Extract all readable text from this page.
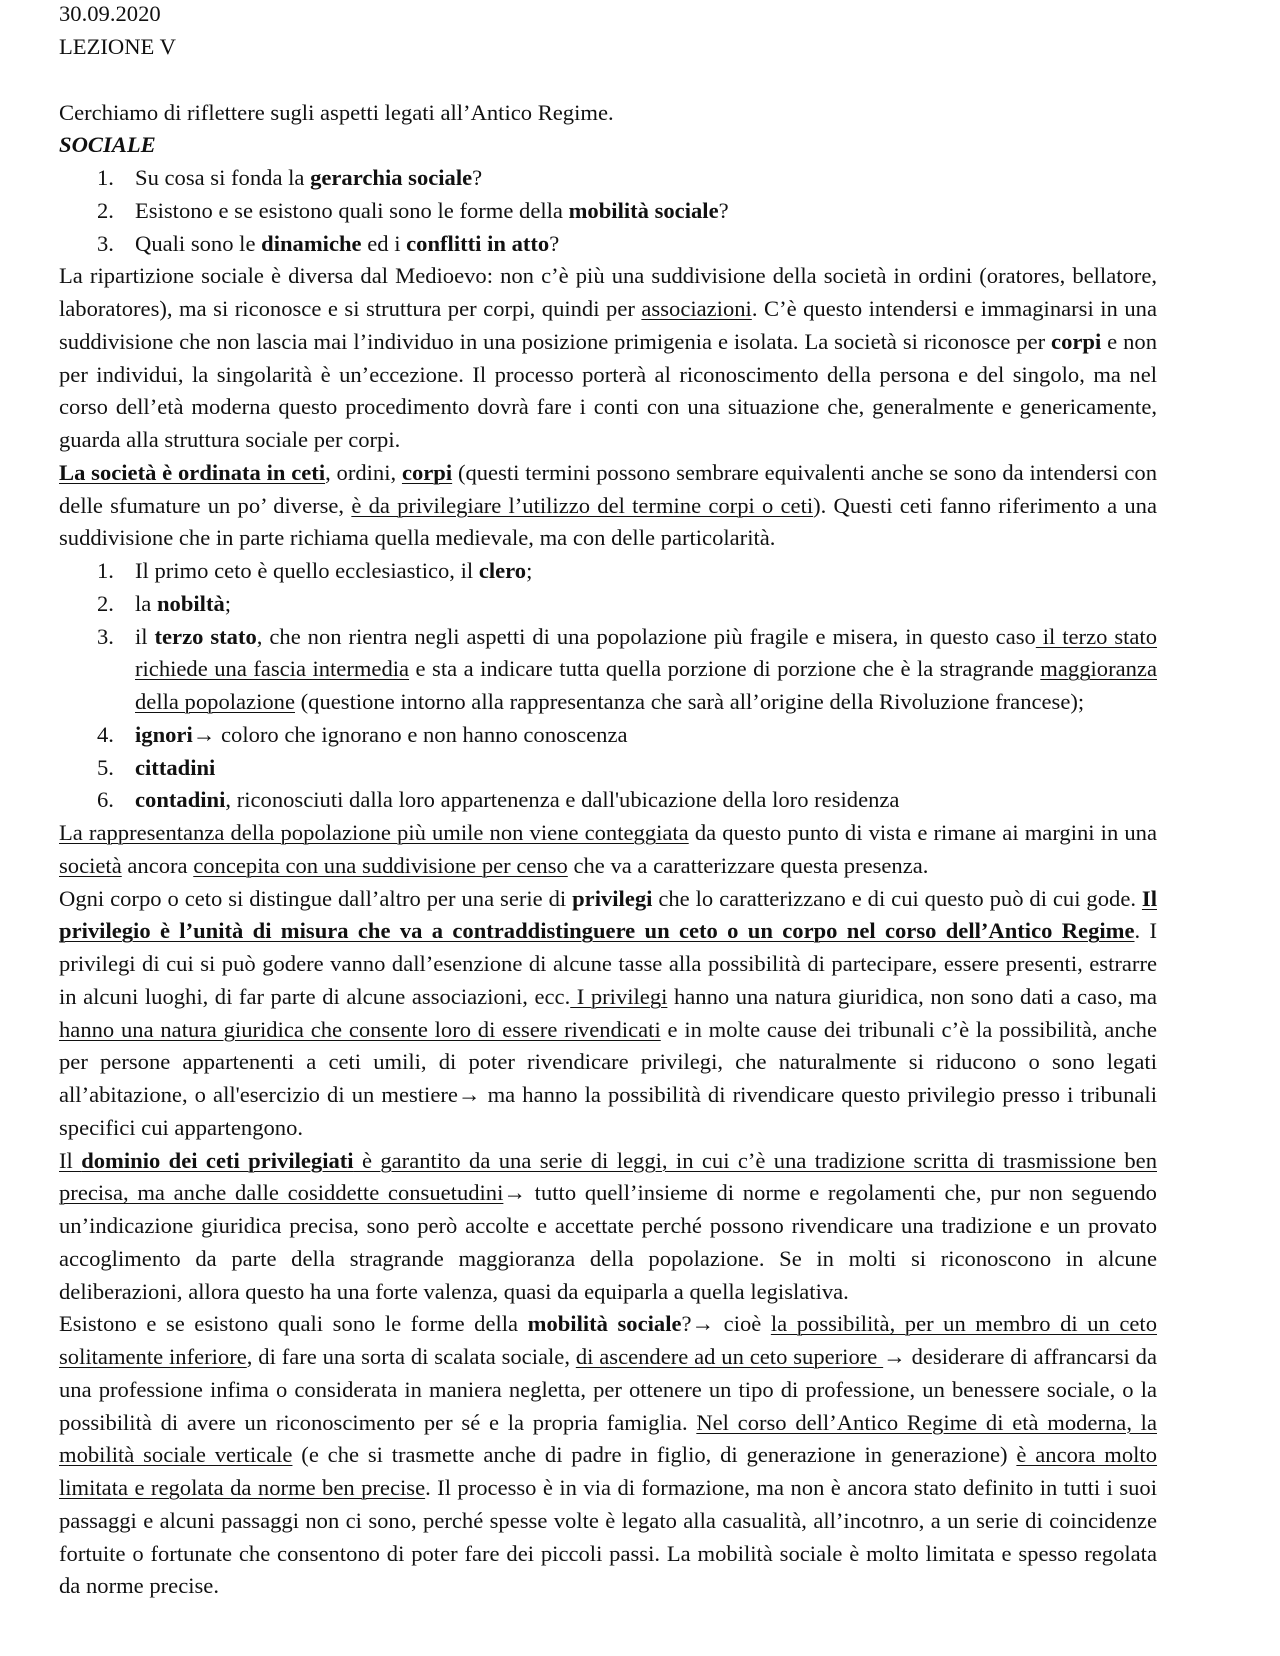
30.09.2020

LEZIONE V

Cerchiamo di riflettere sugli aspetti legati all’Antico Regime.

SOCIALE

1. Su cosa si fonda la gerarchia sociale?
2. Esistono e se esistono quali sono le forme della mobilità sociale?
3. Quali sono le dinamiche ed i conflitti in atto?

La ripartizione sociale è diversa dal Medioevo: non c’è più una suddivisione della società in ordini (oratores, bellatore, laboratores), ma si riconosce e si struttura per corpi, quindi per associazioni. C’è questo intendersi e immaginarsi in una suddivisione che non lascia mai l’individuo in una posizione primigenia e isolata. La società si riconosce per corpi e non per individui, la singolarità è un’eccezione. Il processo porterà al riconoscimento della persona e del singolo, ma nel corso dell’età moderna questo procedimento dovrà fare i conti con una situazione che, generalmente e genericamente, guarda alla struttura sociale per corpi.

La società è ordinata in ceti, ordini, corpi (questi termini possono sembrare equivalenti anche se sono da intendersi con delle sfumature un po’ diverse, è da privilegiare l’utilizzo del termine corpi o ceti). Questi ceti fanno riferimento a una suddivisione che in parte richiama quella medievale, ma con delle particolarità.

1. Il primo ceto è quello ecclesiastico, il clero;
2. la nobiltà;
3. il terzo stato, che non rientra negli aspetti di una popolazione più fragile e misera, in questo caso il terzo stato richiede una fascia intermedia e sta a indicare tutta quella porzione di porzione che è la stragrande maggioranza della popolazione (questione intorno alla rappresentanza che sarà all’origine della Rivoluzione francese);
4. ignori→ coloro che ignorano e non hanno conoscenza
5. cittadini
6. contadini, riconosciuti dalla loro appartenenza e dall'ubicazione della loro residenza

La rappresentanza della popolazione più umile non viene conteggiata da questo punto di vista e rimane ai margini in una società ancora concepita con una suddivisione per censo che va a caratterizzare questa presenza.

Ogni corpo o ceto si distingue dall’altro per una serie di privilegi che lo caratterizzano e di cui questo può di cui gode. Il privilegio è l’unità di misura che va a contraddistinguere un ceto o un corpo nel corso dell’Antico Regime. I privilegi di cui si può godere vanno dall’esenzione di alcune tasse alla possibilità di partecipare, essere presenti, estrarre in alcuni luoghi, di far parte di alcune associazioni, ecc. I privilegi hanno una natura giuridica, non sono dati a caso, ma hanno una natura giuridica che consente loro di essere rivendicati e in molte cause dei tribunali c’è la possibilità, anche per persone appartenenti a ceti umili, di poter rivendicare privilegi, che naturalmente si riducono o sono legati all’abitazione, o all'esercizio di un mestiere→ ma hanno la possibilità di rivendicare questo privilegio presso i tribunali specifici cui appartengono.

Il dominio dei ceti privilegiati è garantito da una serie di leggi, in cui c’è una tradizione scritta di trasmissione ben precisa, ma anche dalle cosiddette consuetudini→ tutto quell’insieme di norme e regolamenti che, pur non seguendo un’indicazione giuridica precisa, sono però accolte e accettate perché possono rivendicare una tradizione e un provato accoglimento da parte della stragrande maggioranza della popolazione. Se in molti si riconoscono in alcune deliberazioni, allora questo ha una forte valenza, quasi da equiparla a quella legislativa.

Esistono e se esistono quali sono le forme della mobilità sociale?→ cioè la possibilità, per un membro di un ceto solitamente inferiore, di fare una sorta di scalata sociale, di ascendere ad un ceto superiore → desiderare di affrancarsi da una professione infima o considerata in maniera negletta, per ottenere un tipo di professione, un benessere sociale, o la possibilità di avere un riconoscimento per sé e la propria famiglia. Nel corso dell’Antico Regime di età moderna, la mobilità sociale verticale (e che si trasmette anche di padre in figlio, di generazione in generazione) è ancora molto limitata e regolata da norme ben precise. Il processo è in via di formazione, ma non è ancora stato definito in tutti i suoi passaggi e alcuni passaggi non ci sono, perché spesse volte è legato alla casualità, all’incotnro, a un serie di coincidenze fortuite o fortunate che consentono di poter fare dei piccoli passi. La mobilità sociale è molto limitata e spesso regolata da norme precise.
